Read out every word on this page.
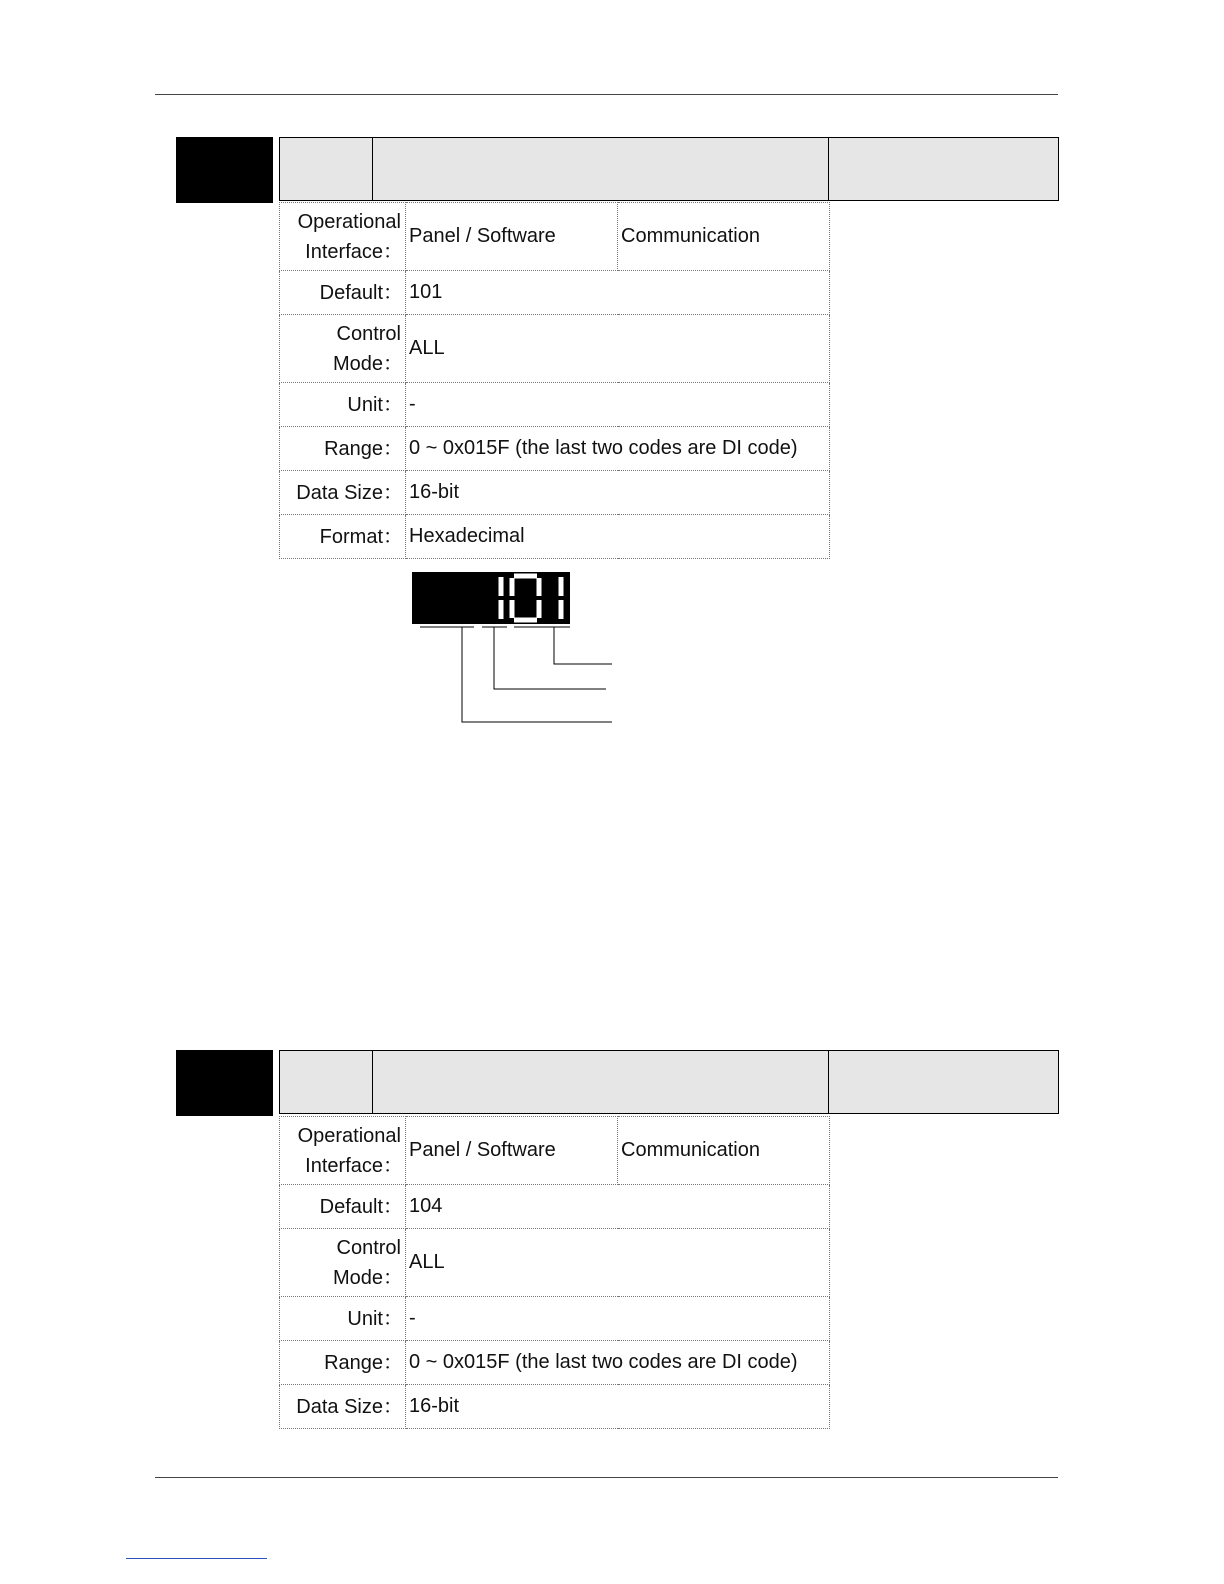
Operational
Interface：	Panel / Software	Communication
Default：	101	
Control
Mode：	ALL	
Unit：	-	
Range：	0 ~ 0x015F (the last two codes are DI code)	
Data Size：	16-bit	
Format：	Hexadecimal	
Operational
Interface：	Panel / Software	Communication
Default：	104	
Control
Mode：	ALL	
Unit：	-	
Range：	0 ~ 0x015F (the last two codes are DI code)	
Data Size：	16-bit	
